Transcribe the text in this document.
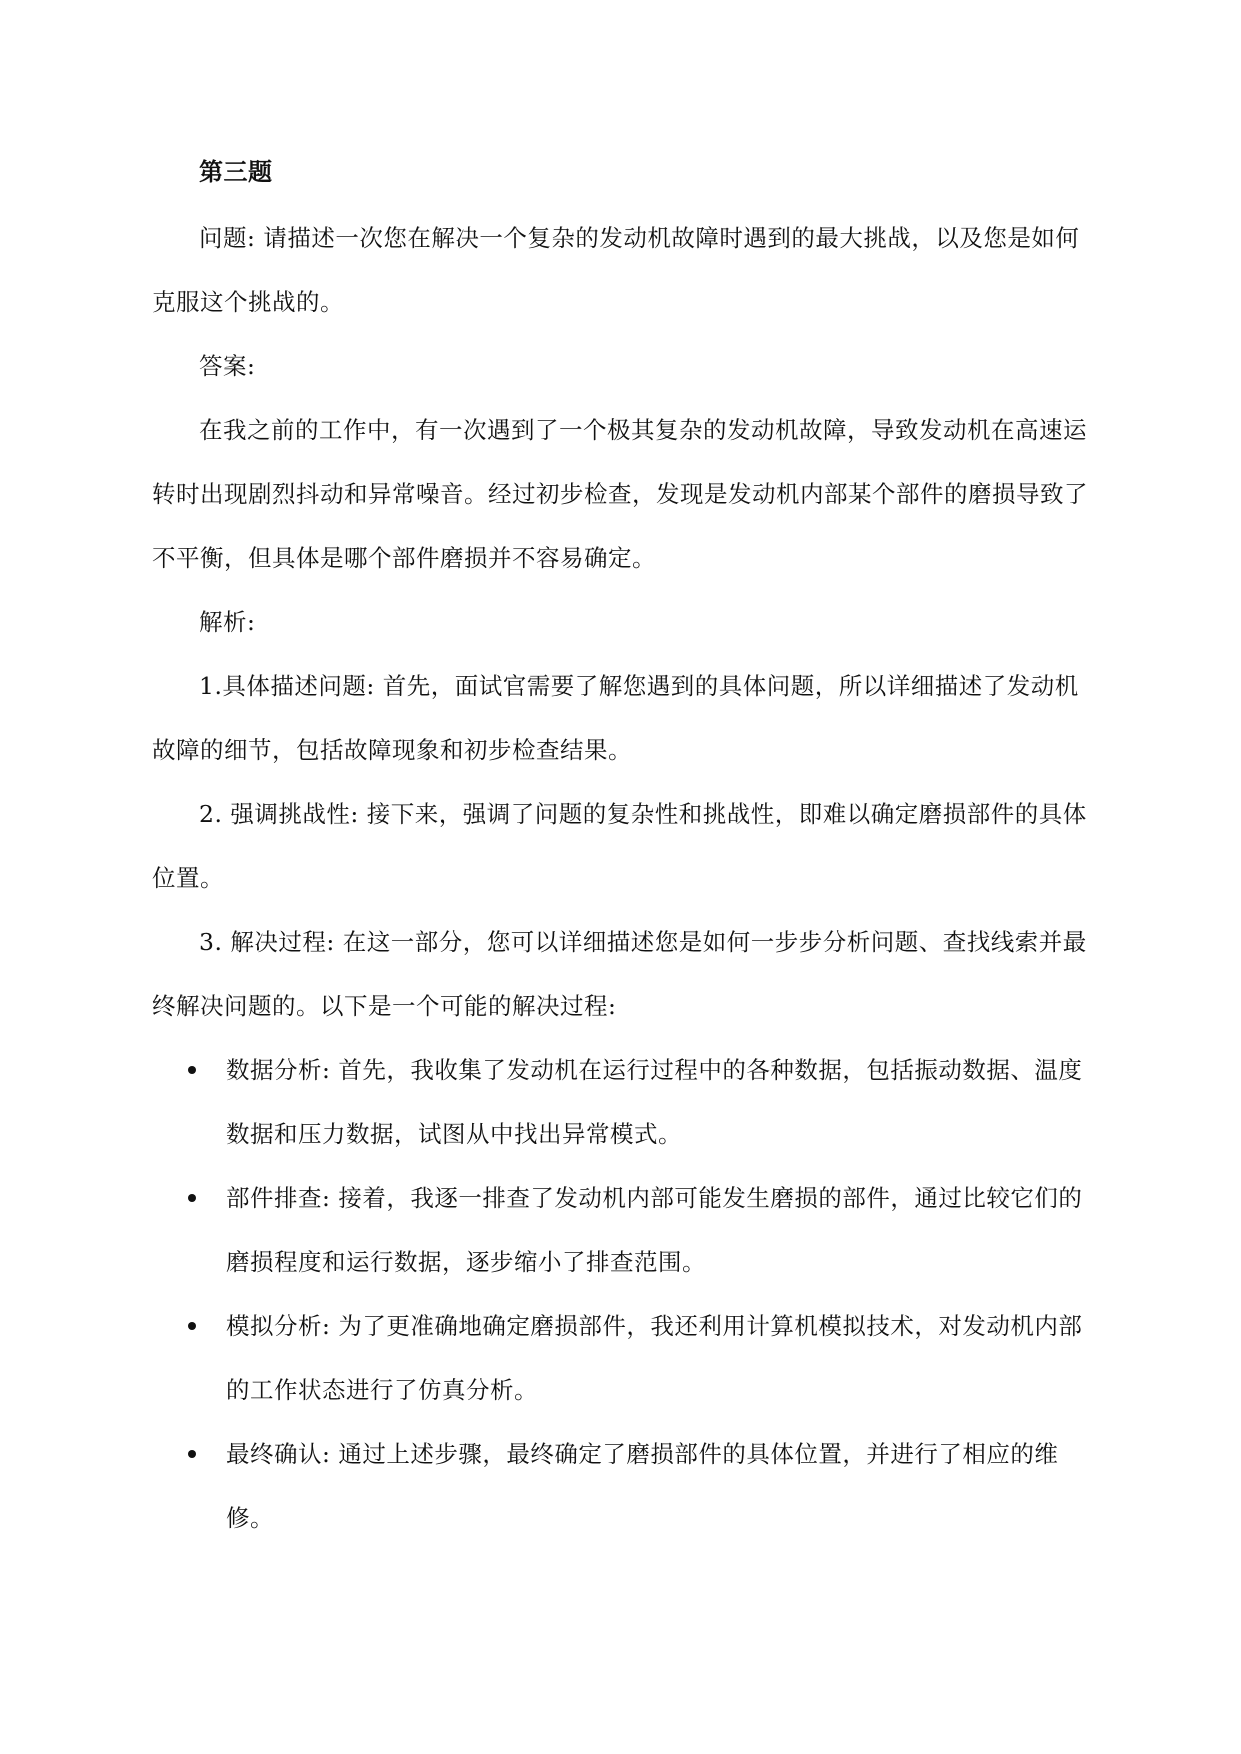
第三题

问题: 请描述一次您在解决一个复杂的发动机故障时遇到的最大挑战，以及您是如何克服这个挑战的。

答案:

在我之前的工作中，有一次遇到了一个极其复杂的发动机故障，导致发动机在高速运转时出现剧烈抖动和异常噪音。经过初步检查，发现是发动机内部某个部件的磨损导致了不平衡，但具体是哪个部件磨损并不容易确定。

解析:

1.具体描述问题: 首先，面试官需要了解您遇到的具体问题，所以详细描述了发动机故障的细节，包括故障现象和初步检查结果。

2. 强调挑战性: 接下来，强调了问题的复杂性和挑战性，即难以确定磨损部件的具体位置。

3. 解决过程: 在这一部分，您可以详细描述您是如何一步步分析问题、查找线索并最终解决问题的。以下是一个可能的解决过程:

数据分析: 首先，我收集了发动机在运行过程中的各种数据，包括振动数据、温度数据和压力数据，试图从中找出异常模式。
部件排查: 接着，我逐一排查了发动机内部可能发生磨损的部件，通过比较它们的磨损程度和运行数据，逐步缩小了排查范围。
模拟分析: 为了更准确地确定磨损部件，我还利用计算机模拟技术，对发动机内部的工作状态进行了仿真分析。
最终确认: 通过上述步骤，最终确定了磨损部件的具体位置，并进行了相应的维修。
